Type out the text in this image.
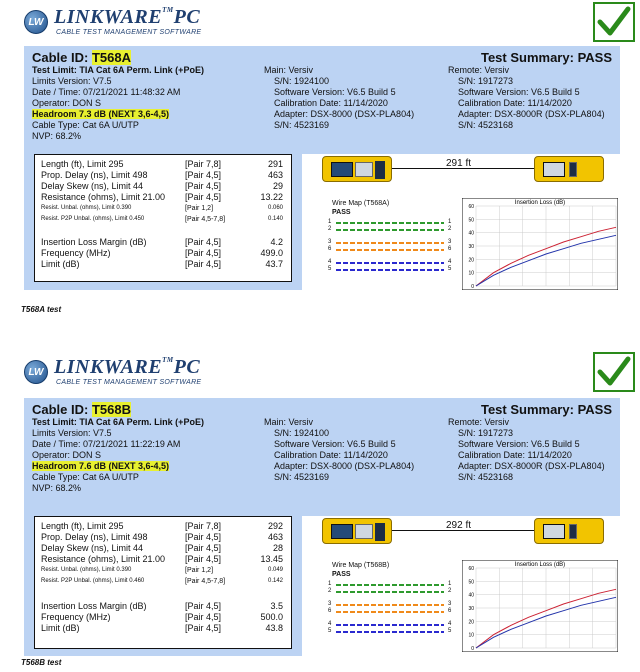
LW LINKWARE™PC
CABLE TEST MANAGEMENT SOFTWARE
Cable ID: T568A	Test Summary: PASS
Test Limit: TIA Cat 6A Perm. Link (+PoE)
Limits Version: V7.5
Date / Time: 07/21/2021 11:48:32 AM
Operator: DON S
Headroom 7.3 dB (NEXT 3,6-4,5)
Cable Type: Cat 6A U/UTP
NVP: 68.2%
Main: Versiv
S/N: 1924100
Software Version: V6.5 Build 5
Calibration Date: 11/14/2020
Adapter: DSX-8000 (DSX-PLA804)
S/N: 4523169
Remote: Versiv
S/N: 1917273
Software Version: V6.5 Build 5
Calibration Date: 11/14/2020
Adapter: DSX-8000R (DSX-PLA804)
S/N: 4523168
Length (ft), Limit 295	[Pair 7,8]	291
Prop. Delay (ns), Limit 498	[Pair 4,5]	463
Delay Skew (ns), Limit 44	[Pair 4,5]	29
Resistance (ohms), Limit 21.00 [Pair 4,5]	13.22
Resist. Unbal. (ohms), Limit 0.390	[Pair 1,2]	0.060
Resist. P2P Unbal. (ohms), Limit 0.450	[Pair 4,5-7,8]	0.140
Insertion Loss Margin (dB)	[Pair 4,5]	4.2
Frequency (MHz)	[Pair 4,5]	499.0
Limit (dB)	[Pair 4,5]	43.7
291 ft
Wire Map (T568A)
PASS
1	1
2	2
3	3
6	6
4	4
5	5
Insertion Loss (dB)
0
10
20
30
40
50
60
T568A test
LW LINKWARE™PC
CABLE TEST MANAGEMENT SOFTWARE
Cable ID: T568B	Test Summary: PASS
Test Limit: TIA Cat 6A Perm. Link (+PoE)
Limits Version: V7.5
Date / Time: 07/21/2021 11:22:19 AM
Operator: DON S
Headroom 7.6 dB (NEXT 3,6-4,5)
Cable Type: Cat 6A U/UTP
NVP: 68.2%
Main: Versiv
S/N: 1924100
Software Version: V6.5 Build 5
Calibration Date: 11/14/2020
Adapter: DSX-8000 (DSX-PLA804)
S/N: 4523169
Remote: Versiv
S/N: 1917273
Software Version: V6.5 Build 5
Calibration Date: 11/14/2020
Adapter: DSX-8000R (DSX-PLA804)
S/N: 4523168
Length (ft), Limit 295	[Pair 7,8]	292
Prop. Delay (ns), Limit 498	[Pair 4,5]	463
Delay Skew (ns), Limit 44	[Pair 4,5]	28
Resistance (ohms), Limit 21.00 [Pair 4,5]	13.45
Resist. Unbal. (ohms), Limit 0.390	[Pair 1,2]	0.049
Resist. P2P Unbal. (ohms), Limit 0.460	[Pair 4,5-7,8]	0.142
Insertion Loss Margin (dB)	[Pair 4,5]	3.5
Frequency (MHz)	[Pair 4,5]	500.0
Limit (dB)	[Pair 4,5]	43.8
292 ft
Wire Map (T568B)
PASS
1	1
2	2
3	3
6	6
4	4
5	5
Insertion Loss (dB)
0
10
20
30
40
50
60
T568B test
